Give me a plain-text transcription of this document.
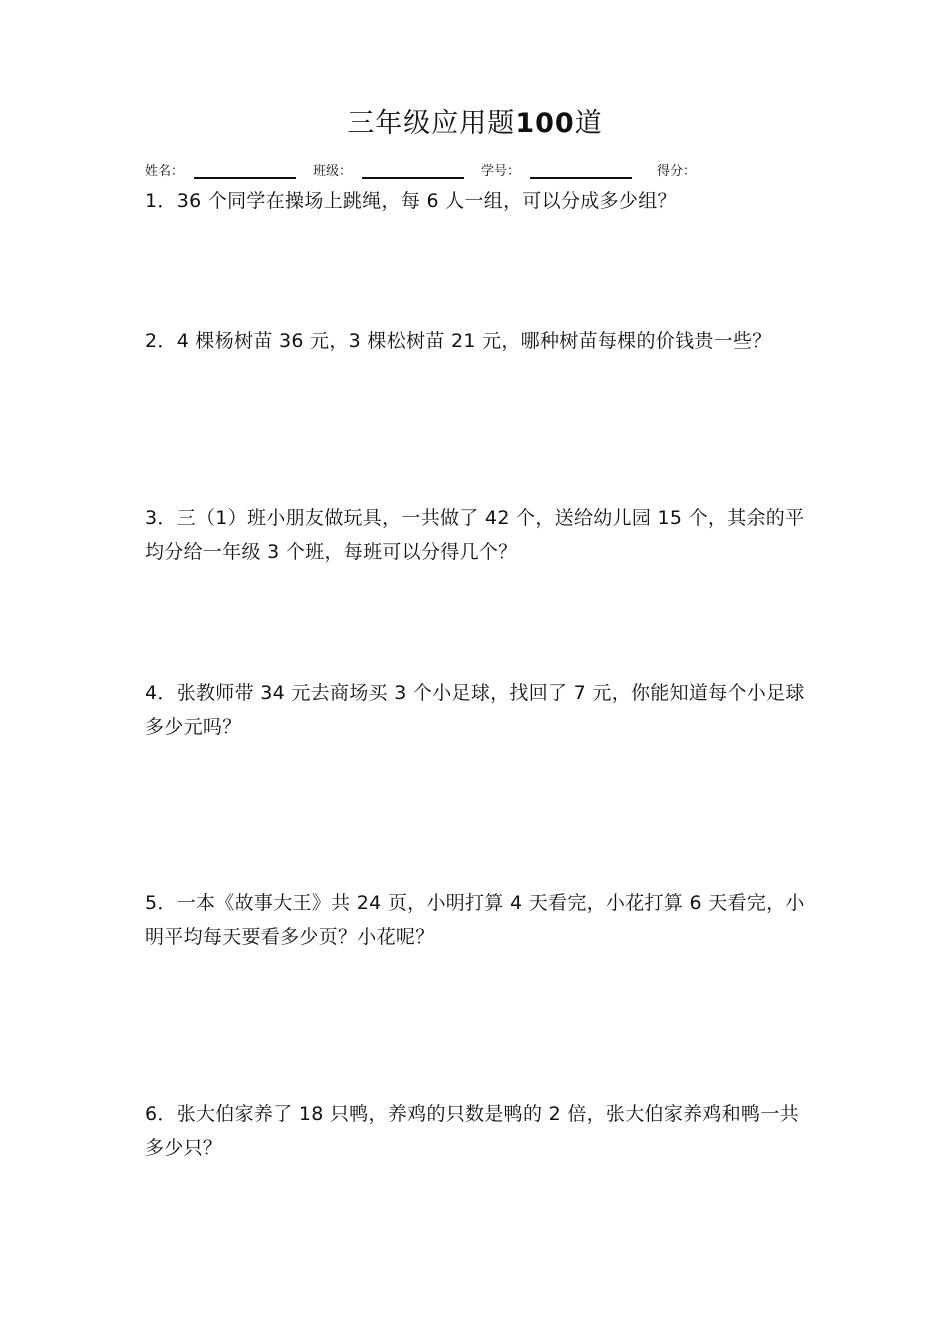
三年级应用题100道
姓名：	班级：	学号：	得分：
1．36 个同学在操场上跳绳，每 6 人一组，可以分成多少组？
2．4 棵杨树苗 36 元，3 棵松树苗 21 元，哪种树苗每棵的价钱贵一些？
3．三（1）班小朋友做玩具，一共做了 42 个，送给幼儿园 15 个，其余的平均分给一年级 3 个班，每班可以分得几个？
4．张教师带 34 元去商场买 3 个小足球，找回了 7 元，你能知道每个小足球多少元吗？
5．一本《故事大王》共 24 页，小明打算 4 天看完，小花打算 6 天看完，小明平均每天要看多少页？小花呢？
6．张大伯家养了 18 只鸭，养鸡的只数是鸭的 2 倍，张大伯家养鸡和鸭一共多少只？
